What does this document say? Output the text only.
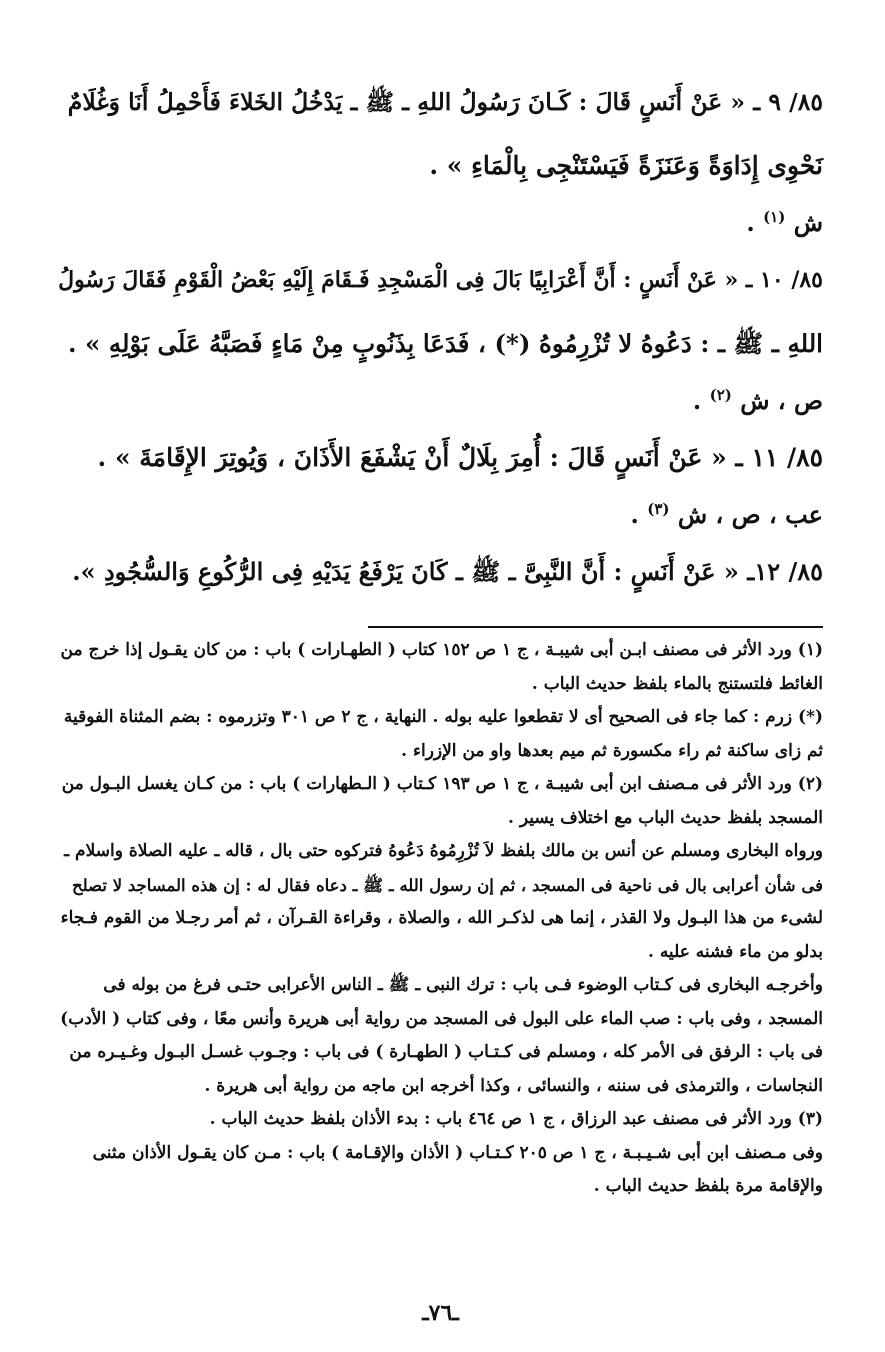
٨٥/ ٩ ـ « عَنْ أَنَسٍ قَالَ : كَـانَ رَسُولُ اللهِ ـ ﷺ ـ يَدْخُلُ الخَلاءَ فَأَحْمِلُ أَنَا وَغُلَامٌ
نَحْوِى إِدَاوَةً وَعَنَزَةً فَيَسْتَنْجِى بِالْمَاءِ » .

ش $^{(١)}$ .

٨٥/ ١٠ ـ « عَنْ أَنَسٍ : أَنَّ أَعْرَابِيًا بَالَ فِى الْمَسْجِدِ فَـقَامَ إِلَيْهِ بَعْضُ الْقَوْمِ فَقَالَ رَسُولُ
اللهِ ـ ﷺ ـ : دَعُوهُ لا تُزْرِمُوهُ (*) ، فَدَعَا بِذَنُوبٍ مِنْ مَاءٍ فَصَبَّهُ عَلَى بَوْلِهِ » .

ص ، ش $^{(٢)}$ .

٨٥/ ١١ ـ « عَنْ أَنَسٍ قَالَ : أُمِرَ بِلَالٌ أَنْ يَشْفَعَ الأَذَانَ ، وَيُوتِرَ الإِقَامَةَ » .

عب ، ص ، ش $^{(٣)}$ .

٨٥/ ١٢ـ « عَنْ أَنَسٍ : أَنَّ النَّبِىَّ ـ ﷺ ـ كَانَ يَرْفَعُ يَدَيْهِ فِى الرُّكُوعِ وَالسُّجُودِ ».
(١) ورد الأثر فى مصنف ابـن أبى شيبـة ، ج ١ ص ١٥٢ كتاب ( الطهـارات ) باب : من كان يقـول إذا خرج من
الغائط فلتستنج بالماء بلفظ حديث الباب .
(*) زرم : كما جاء فى الصحيح أى لا تقطعوا عليه بوله . النهاية ، ج ٢ ص ٣٠١ وتزرموه : بضم المثناة الفوقية
ثم زاى ساكنة ثم راء مكسورة ثم ميم بعدها واو من الإزراء .
(٢) ورد الأثر فى مـصنف ابن أبى شيبـة ، ج ١ ص ١٩٣ كـتاب ( الـطهارات ) باب : من كـان يغسل البـول من
المسجد بلفظ حديث الباب مع اختلاف يسير .
ورواه البخارى ومسلم عن أنس بن مالك بلفظ لاَ تُزْرِمُوهُ دَعُوهُ فتركوه حتى بال ، قاله ـ عليه الصلاة واسلام ـ
فى شأن أعرابى بال فى ناحية فى المسجد ، ثم إن رسول الله ـ ﷺ ـ دعاه فقال له : إن هذه المساجد لا تصلح
لشىء من هذا البـول ولا القذر ، إنما هى لذكـر الله ، والصلاة ، وقراءة القـرآن ، ثم أمر رجـلا من القوم فـجاء
بدلو من ماء فشنه عليه .
وأخرجـه البخارى فى كـتاب الوضوء فـى باب : ترك النبى ـ ﷺ ـ الناس الأعرابى حتـى فرغ من بوله فى
المسجد ، وفى باب : صب الماء على البول فى المسجد من رواية أبى هريرة وأنس معًا ، وفى كتاب ( الأدب)
فى باب : الرفق فى الأمر كله ، ومسلم فى كـتـاب ( الطهـارة ) فى باب : وجـوب غسـل البـول وغـيـره من
النجاسات ، والترمذى فى سننه ، والنسائى ، وكذا أخرجه ابن ماجه من رواية أبى هريرة .
(٣) ورد الأثر فى مصنف عبد الرزاق ، ج ١ ص ٤٦٤ باب : بدء الأذان بلفظ حديث الباب .
وفى مـصنف ابن أبى شـيـبـة ، ج ١ ص ٢٠٥ كـتـاب ( الأذان والإقـامة ) باب : مـن كان يقـول الأذان مثنى
والإقامة مرة بلفظ حديث الباب .
ـ٧٦ـ
